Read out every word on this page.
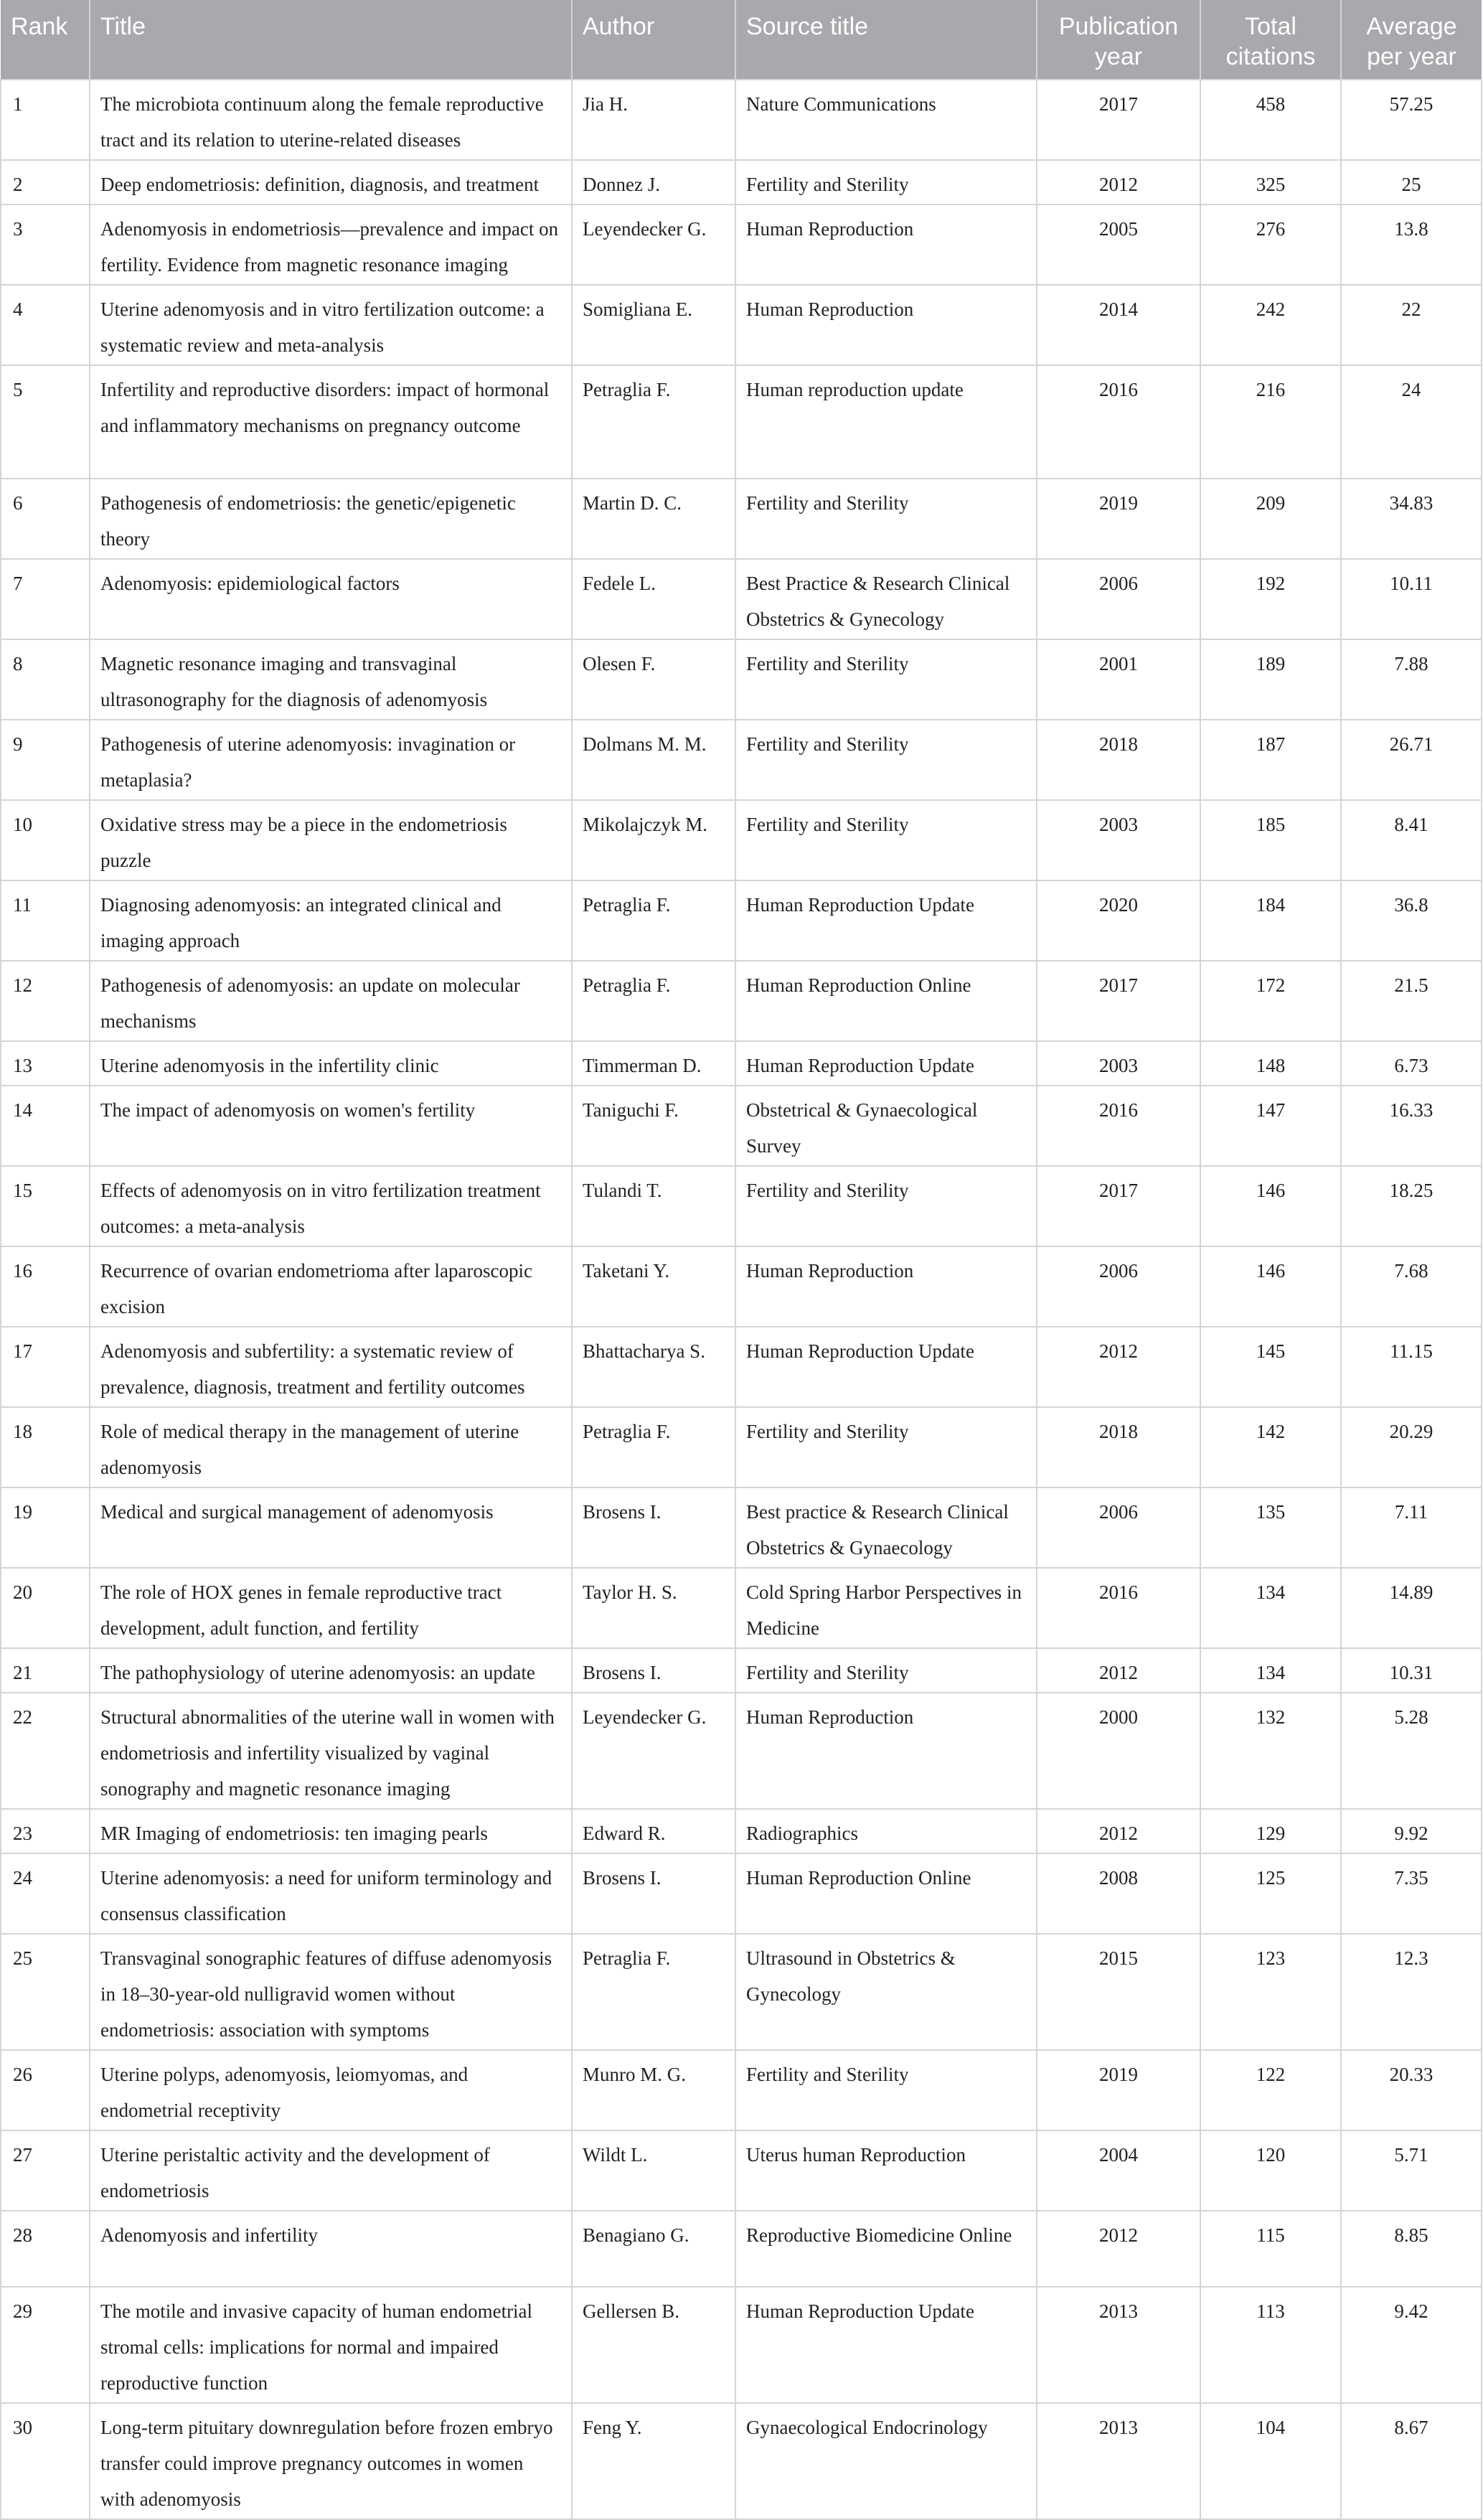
Rank	Title	Author	Source title	Publication year	Total citations	Average per year
1	The microbiota continuum along the female reproductive tract and its relation to uterine-related diseases	Jia H.	Nature Communications	2017	458	57.25
2	Deep endometriosis: definition, diagnosis, and treatment	Donnez J.	Fertility and Sterility	2012	325	25
3	Adenomyosis in endometriosis—prevalence and impact on fertility. Evidence from magnetic resonance imaging	Leyendecker G.	Human Reproduction	2005	276	13.8
4	Uterine adenomyosis and in vitro fertilization outcome: a systematic review and meta-analysis	Somigliana E.	Human Reproduction	2014	242	22
5	Infertility and reproductive disorders: impact of hormonal and inflammatory mechanisms on pregnancy outcome	Petraglia F.	Human reproduction update	2016	216	24
6	Pathogenesis of endometriosis: the genetic/epigenetic theory	Martin D. C.	Fertility and Sterility	2019	209	34.83
7	Adenomyosis: epidemiological factors	Fedele L.	Best Practice & Research Clinical Obstetrics & Gynecology	2006	192	10.11
8	Magnetic resonance imaging and transvaginal ultrasonography for the diagnosis of adenomyosis	Olesen F.	Fertility and Sterility	2001	189	7.88
9	Pathogenesis of uterine adenomyosis: invagination or metaplasia?	Dolmans M. M.	Fertility and Sterility	2018	187	26.71
10	Oxidative stress may be a piece in the endometriosis puzzle	Mikolajczyk M.	Fertility and Sterility	2003	185	8.41
11	Diagnosing adenomyosis: an integrated clinical and imaging approach	Petraglia F.	Human Reproduction Update	2020	184	36.8
12	Pathogenesis of adenomyosis: an update on molecular mechanisms	Petraglia F.	Human Reproduction Online	2017	172	21.5
13	Uterine adenomyosis in the infertility clinic	Timmerman D.	Human Reproduction Update	2003	148	6.73
14	The impact of adenomyosis on women's fertility	Taniguchi F.	Obstetrical & Gynaecological Survey	2016	147	16.33
15	Effects of adenomyosis on in vitro fertilization treatment outcomes: a meta-analysis	Tulandi T.	Fertility and Sterility	2017	146	18.25
16	Recurrence of ovarian endometrioma after laparoscopic excision	Taketani Y.	Human Reproduction	2006	146	7.68
17	Adenomyosis and subfertility: a systematic review of prevalence, diagnosis, treatment and fertility outcomes	Bhattacharya S.	Human Reproduction Update	2012	145	11.15
18	Role of medical therapy in the management of uterine adenomyosis	Petraglia F.	Fertility and Sterility	2018	142	20.29
19	Medical and surgical management of adenomyosis	Brosens I.	Best practice & Research Clinical Obstetrics & Gynaecology	2006	135	7.11
20	The role of HOX genes in female reproductive tract development, adult function, and fertility	Taylor H. S.	Cold Spring Harbor Perspectives in Medicine	2016	134	14.89
21	The pathophysiology of uterine adenomyosis: an update	Brosens I.	Fertility and Sterility	2012	134	10.31
22	Structural abnormalities of the uterine wall in women with endometriosis and infertility visualized by vaginal sonography and magnetic resonance imaging	Leyendecker G.	Human Reproduction	2000	132	5.28
23	MR Imaging of endometriosis: ten imaging pearls	Edward R.	Radiographics	2012	129	9.92
24	Uterine adenomyosis: a need for uniform terminology and consensus classification	Brosens I.	Human Reproduction Online	2008	125	7.35
25	Transvaginal sonographic features of diffuse adenomyosis in 18–30-year-old nulligravid women without endometriosis: association with symptoms	Petraglia F.	Ultrasound in Obstetrics & Gynecology	2015	123	12.3
26	Uterine polyps, adenomyosis, leiomyomas, and endometrial receptivity	Munro M. G.	Fertility and Sterility	2019	122	20.33
27	Uterine peristaltic activity and the development of endometriosis	Wildt L.	Uterus human Reproduction	2004	120	5.71
28	Adenomyosis and infertility	Benagiano G.	Reproductive Biomedicine Online	2012	115	8.85
29	The motile and invasive capacity of human endometrial stromal cells: implications for normal and impaired reproductive function	Gellersen B.	Human Reproduction Update	2013	113	9.42
30	Long-term pituitary downregulation before frozen embryo transfer could improve pregnancy outcomes in women with adenomyosis	Feng Y.	Gynaecological Endocrinology	2013	104	8.67
